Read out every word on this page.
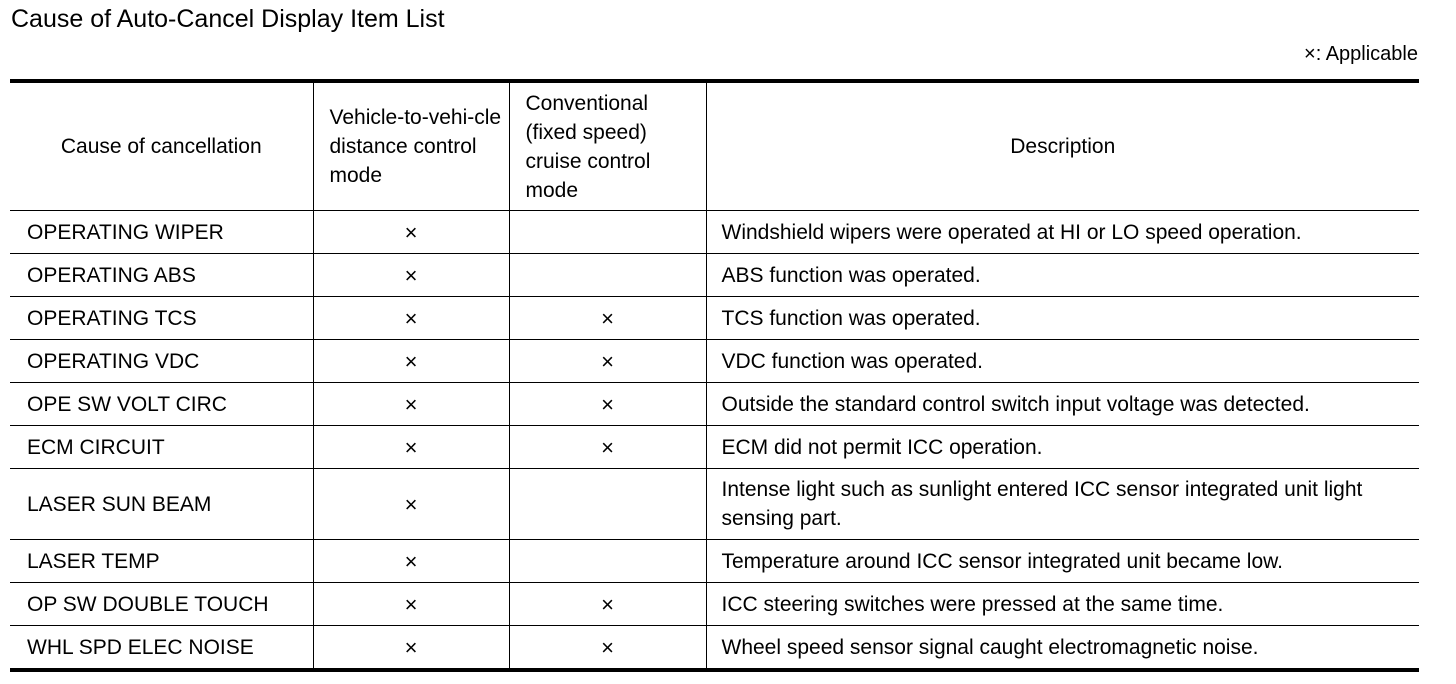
Cause of Auto-Cancel Display Item List
×: Applicable
Cause of cancellation	Vehicle-to-vehi-cle distance control mode	Conventional (fixed speed) cruise control mode	Description
OPERATING WIPER	×		Windshield wipers were operated at HI or LO speed operation.
OPERATING ABS	×		ABS function was operated.
OPERATING TCS	×	×	TCS function was operated.
OPERATING VDC	×	×	VDC function was operated.
OPE SW VOLT CIRC	×	×	Outside the standard control switch input voltage was detected.
ECM CIRCUIT	×	×	ECM did not permit ICC operation.
LASER SUN BEAM	×		Intense light such as sunlight entered ICC sensor integrated unit light sensing part.
LASER TEMP	×		Temperature around ICC sensor integrated unit became low.
OP SW DOUBLE TOUCH	×	×	ICC steering switches were pressed at the same time.
WHL SPD ELEC NOISE	×	×	Wheel speed sensor signal caught electromagnetic noise.
